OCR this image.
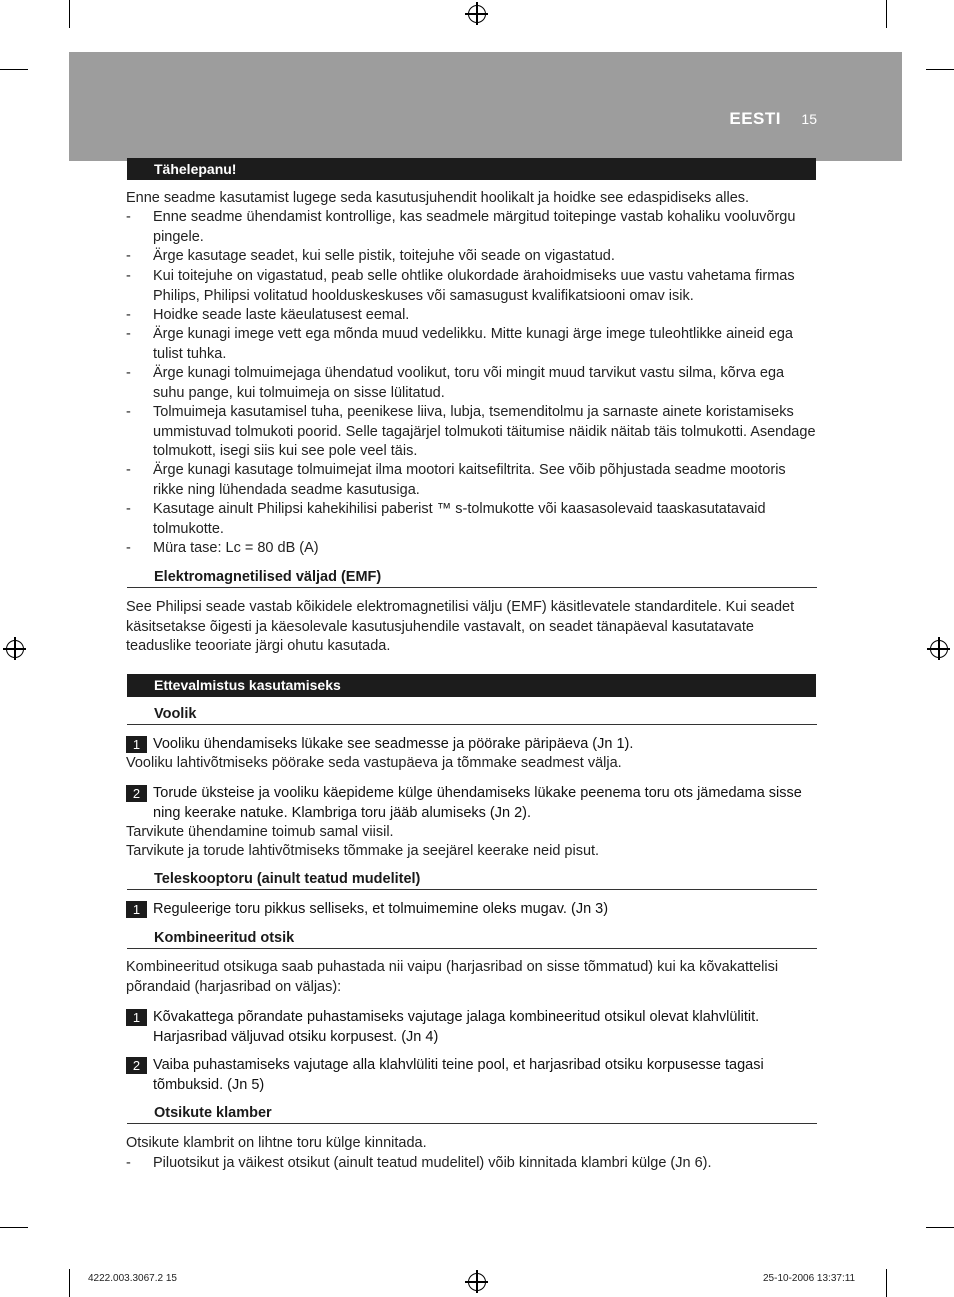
EESTI 15
Tähelepanu!
Enne seadme kasutamist lugege seda kasutusjuhendit hoolikalt ja hoidke see edaspidiseks alles.
- Enne seadme ühendamist kontrollige, kas seadmele märgitud toitepinge vastab kohaliku vooluvõrgu pingele.
- Ärge kasutage seadet, kui selle pistik, toitejuhe või seade on vigastatud.
- Kui toitejuhe on vigastatud, peab selle ohtlike olukordade ärahoidmiseks uue vastu vahetama firmas Philips, Philipsi volitatud hoolduskeskuses või samasugust kvalifikatsiooni omav isik.
- Hoidke seade laste käeulatusest eemal.
- Ärge kunagi imege vett ega mõnda muud vedelikku. Mitte kunagi ärge imege tuleohtlikke aineid ega tulist tuhka.
- Ärge kunagi tolmuimejaga ühendatud voolikut, toru või mingit muud tarvikut vastu silma, kõrva ega suhu pange, kui tolmuimeja on sisse lülitatud.
- Tolmuimeja kasutamisel tuha, peenikese liiva, lubja, tsemenditolmu ja sarnaste ainete koristamiseks ummistuvad tolmukoti poorid. Selle tagajärjel tolmukoti täitumise näidik näitab täis tolmukotti. Asendage tolmukott, isegi siis kui see pole veel täis.
- Ärge kunagi kasutage tolmuimejat ilma mootori kaitsefiltrita. See võib põhjustada seadme mootoris rikke ning lühendada seadme kasutusiga.
- Kasutage ainult Philipsi kahekihilisi paberist ™ s-tolmukotte või kaasasolevaid taaskasutatavaid tolmukotte.
- Müra tase: Lc = 80 dB (A)
Elektromagnetilised väljad (EMF)
See Philipsi seade vastab kõikidele elektromagnetilisi välju (EMF) käsitlevatele standarditele. Kui seadet käsitsetakse õigesti ja käesolevale kasutusjuhendile vastavalt, on seadet tänapäeval kasutatavate teaduslike teooriate järgi ohutu kasutada.
Ettevalmistus kasutamiseks
Voolik
1 Vooliku ühendamiseks lükake see seadmesse ja pöörake päripäeva (Jn 1).
Vooliku lahtivõtmiseks pöörake seda vastupäeva ja tõmmake seadmest välja.
2 Torude üksteise ja vooliku käepideme külge ühendamiseks lükake peenema toru ots jämedama sisse ning keerake natuke. Klambriga toru jääb alumiseks (Jn 2).
Tarvikute ühendamine toimub samal viisil.
Tarvikute ja torude lahtivõtmiseks tõmmake ja seejärel keerake neid pisut.
Teleskooptoru (ainult teatud mudelitel)
1 Reguleerige toru pikkus selliseks, et tolmuimemine oleks mugav. (Jn 3)
Kombineeritud otsik
Kombineeritud otsikuga saab puhastada nii vaipu (harjasribad on sisse tõmmatud) kui ka kõvakattelisi põrandaid (harjasribad on väljas):
1 Kõvakattega põrandate puhastamiseks vajutage jalaga kombineeritud otsikul olevat klahvlülitit. Harjasribad väljuvad otsiku korpusest. (Jn 4)
2 Vaiba puhastamiseks vajutage alla klahvlüliti teine pool, et harjasribad otsiku korpusesse tagasi tõmbuksid. (Jn 5)
Otsikute klamber
Otsikute klambrit on lihtne toru külge kinnitada.
- Piluotsikut ja väikest otsikut (ainult teatud mudelitel) võib kinnitada klambri külge (Jn 6).
4222.003.3067.2 15	25-10-2006 13:37:11
